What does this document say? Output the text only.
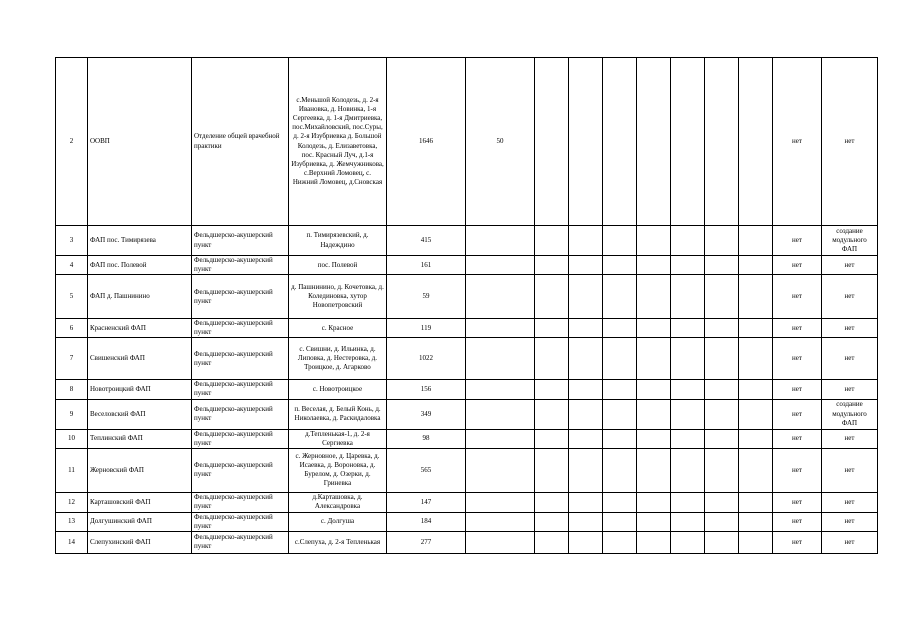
2	ООВП	Отделение общей врачебной практики	с.Меньшой Колодезь, д. 2-я Ивановка, д. Новинка, 1-я Сергеевка, д. 1-я Дмитриевка, пос.Михайловский, пос.Суры, д. 2-я Изубриевка д. Большой Колодезь, д. Елизаветовка, пос. Красный Луч, д.1-я Изубриевка, д. Жемчужникова, с.Верхний Ломовец, с. Нижний Ломовец, д.Сновская	1646	50								нет	нет
3	ФАП пос. Тимирязева	Фельдшерско-акушерский пункт	п. Тимирязевский, д. Надеждино	415									нет	создание модульного ФАП
4	ФАП пос. Полевой	Фельдшерско-акушерский пункт	пос. Полевой	161									нет	нет
5	ФАП д. Пашнинино	Фельдшерско-акушерский пункт	д. Пашнинино, д. Кочетовка, д. Колединовка, хутор Новопетровский	59									нет	нет
6	Красненский ФАП	Фельдшерско-акушерский пункт	с. Красное	119									нет	нет
7	Свишенский ФАП	Фельдшерско-акушерский пункт	с. Свишни, д. Ильинка, д. Липовка, д. Нестеровка, д. Троицкое, д. Агарково	1022									нет	нет
8	Новотроицкий ФАП	Фельдшерско-акушерский пункт	с. Новотроицкое	156									нет	нет
9	Веселовский ФАП	Фельдшерско-акушерский пункт	п. Веселая, д. Белый Конь, д. Николаевка, д. Раскидаловка	349									нет	создание модульного ФАП
10	Теплинский ФАП	Фельдшерско-акушерский пункт	д.Тепленькая-1, д. 2-я Сергиевка	98									нет	нет
11	Жерновский ФАП	Фельдшерско-акушерский пункт	с. Жерновное, д. Царевка, д. Исаевка, д. Вороновка, д. Бурелом, д. Озерки, д. Гриневка	565									нет	нет
12	Карташовский ФАП	Фельдшерско-акушерский пункт	д.Карташовка, д. Александровка	147									нет	нет
13	Долгушинский ФАП	Фельдшерско-акушерский пункт	с. Долгуша	184									нет	нет
14	Слепухинский ФАП	Фельдшерско-акушерский пункт	с.Слепуха, д. 2-я Тепленькая	277									нет	нет
